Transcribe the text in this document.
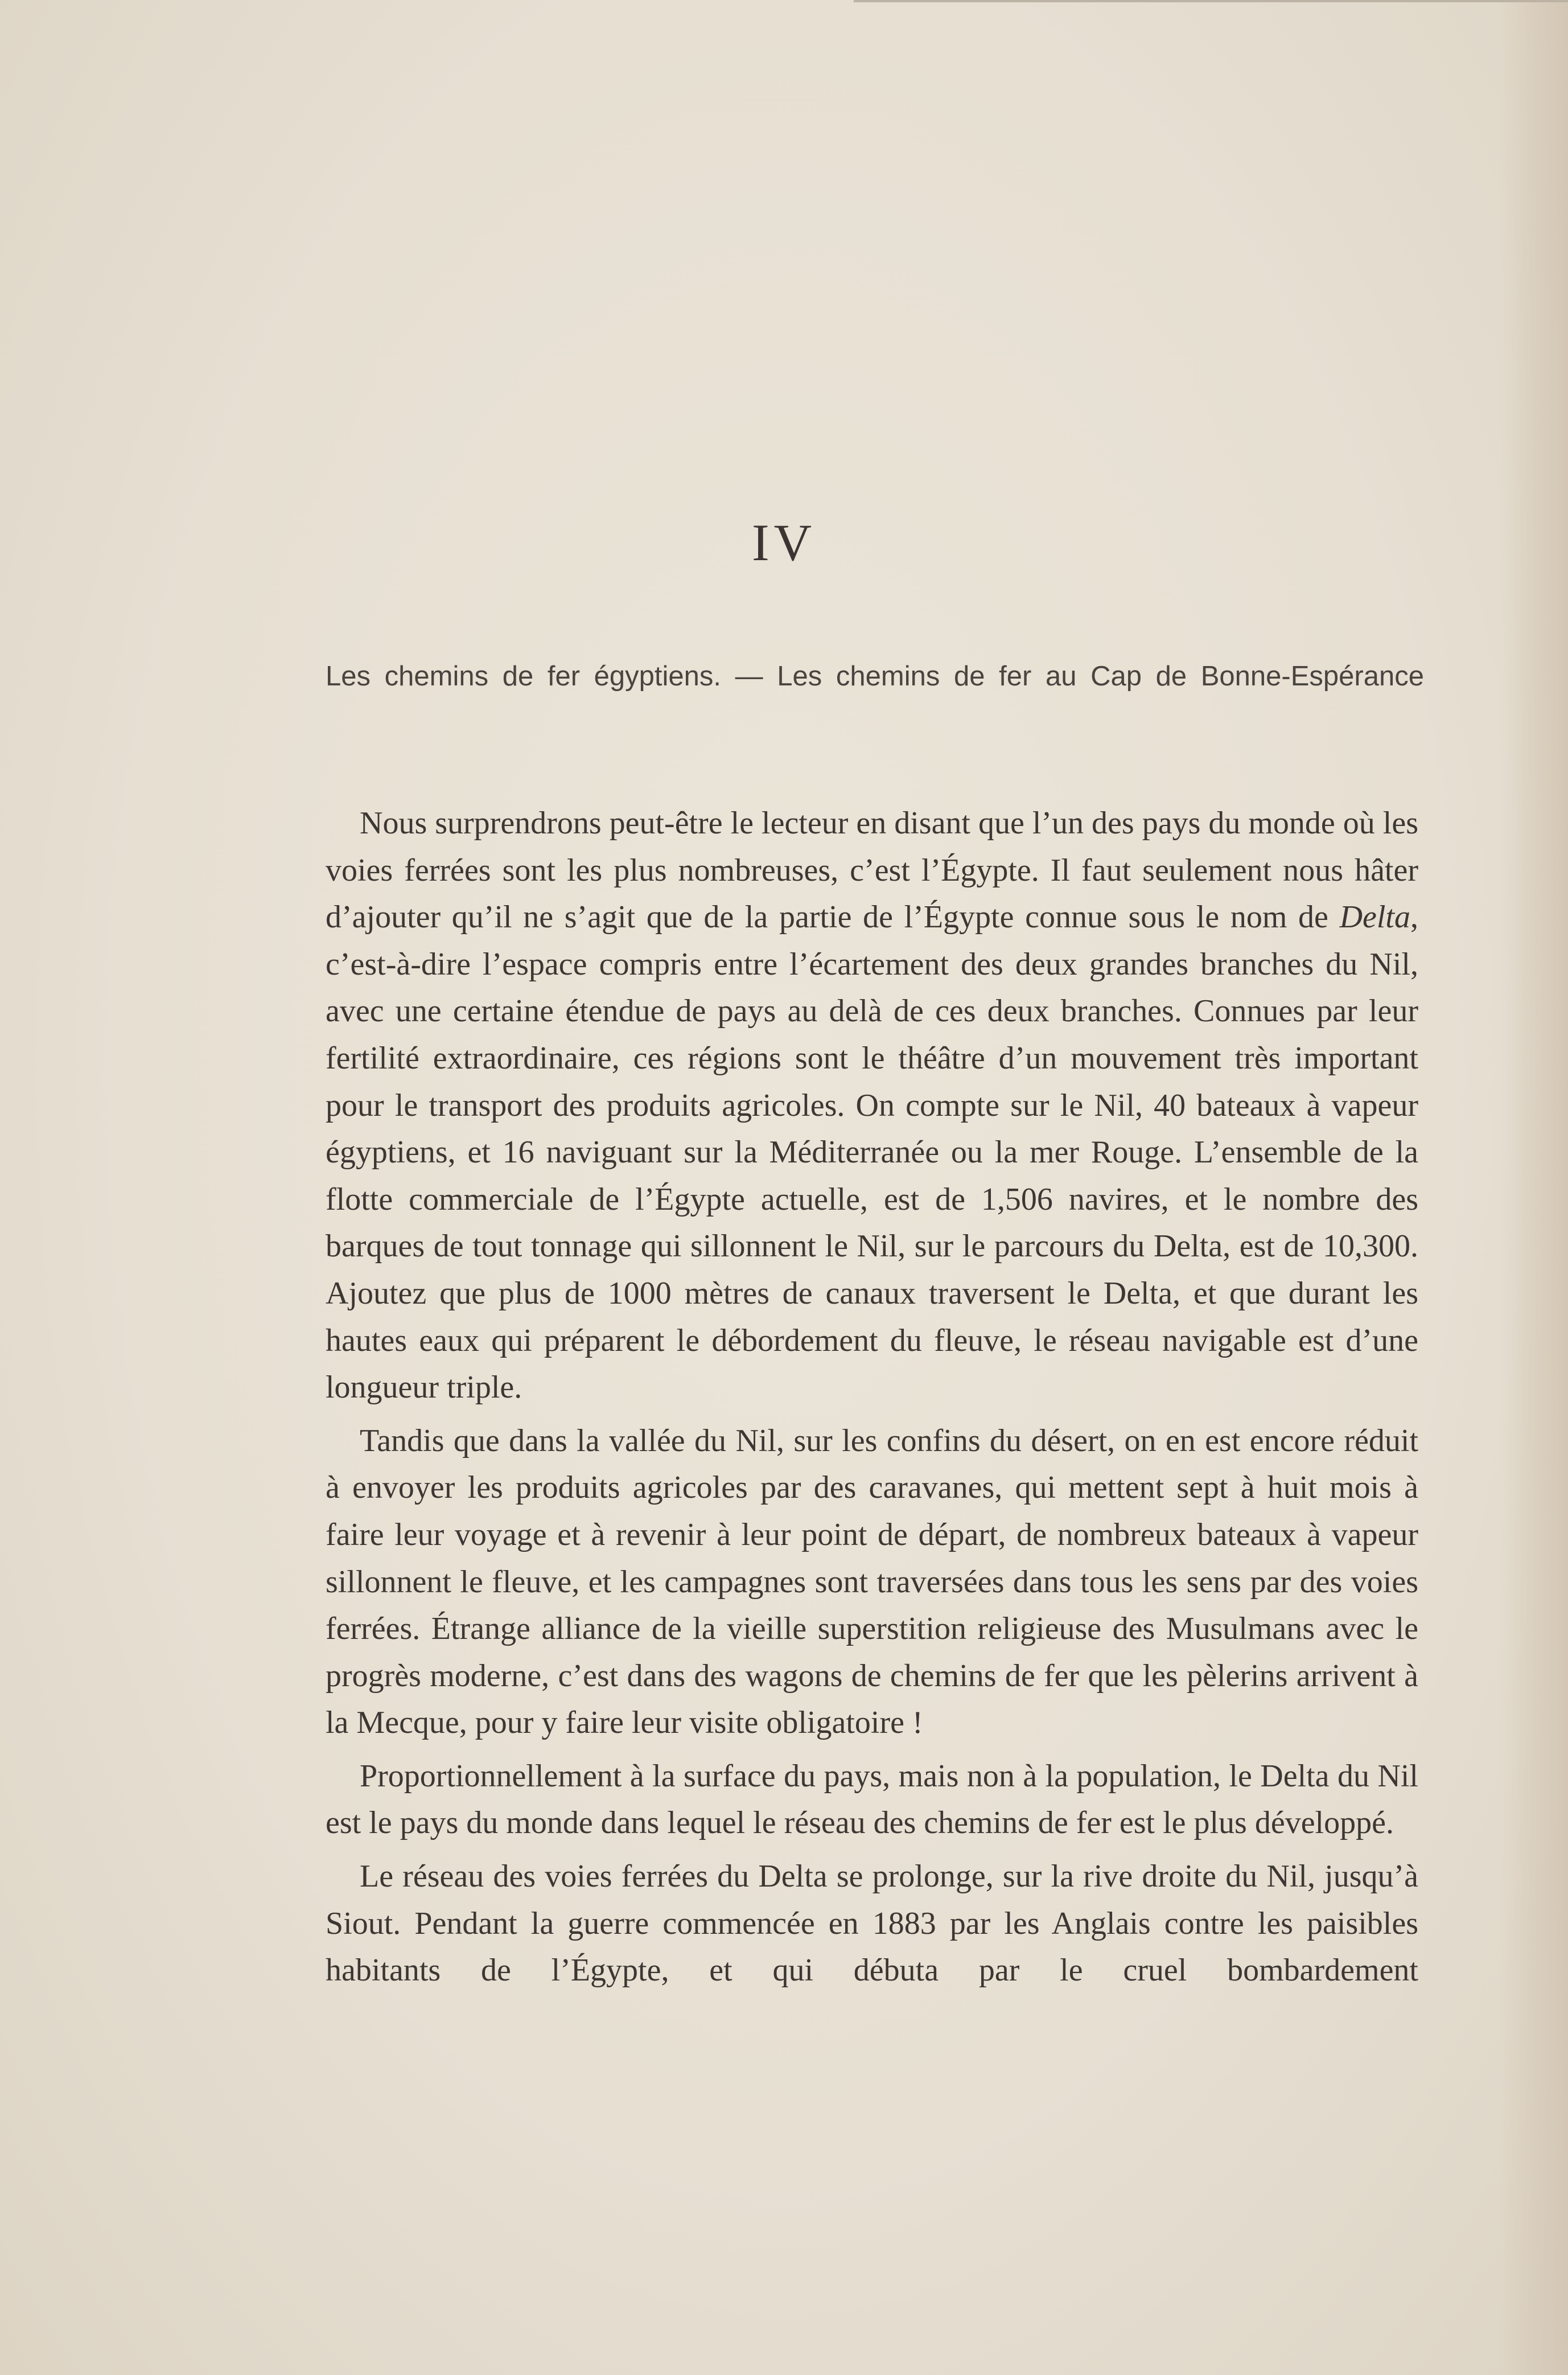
IV
Les chemins de fer égyptiens. — Les chemins de fer au Cap de Bonne-Espérance

Nous surprendrons peut-être le lecteur en disant que l’un des pays du monde où les voies ferrées sont les plus nombreuses, c’est l’Égypte. Il faut seulement nous hâter d’ajouter qu’il ne s’agit que de la partie de l’Égypte connue sous le nom de Delta, c’est-à-dire l’espace compris entre l’écartement des deux grandes branches du Nil, avec une certaine étendue de pays au delà de ces deux branches. Connues par leur fertilité extraordinaire, ces régions sont le théâtre d’un mouvement très important pour le transport des produits agricoles. On compte sur le Nil, 40 bateaux à vapeur égyptiens, et 16 naviguant sur la Méditerranée ou la mer Rouge. L’ensemble de la flotte commerciale de l’Égypte actuelle, est de 1,506 navires, et le nombre des barques de tout tonnage qui sillonnent le Nil, sur le parcours du Delta, est de 10,300. Ajoutez que plus de 1000 mètres de canaux traversent le Delta, et que durant les hautes eaux qui préparent le débordement du fleuve, le réseau navigable est d’une longueur triple.

Tandis que dans la vallée du Nil, sur les confins du désert, on en est encore réduit à envoyer les produits agricoles par des caravanes, qui mettent sept à huit mois à faire leur voyage et à revenir à leur point de départ, de nombreux bateaux à vapeur sillonnent le fleuve, et les campagnes sont traversées dans tous les sens par des voies ferrées. Étrange alliance de la vieille superstition religieuse des Musulmans avec le progrès moderne, c’est dans des wagons de chemins de fer que les pèlerins arrivent à la Mecque, pour y faire leur visite obligatoire !

Proportionnellement à la surface du pays, mais non à la population, le Delta du Nil est le pays du monde dans lequel le réseau des chemins de fer est le plus développé.

Le réseau des voies ferrées du Delta se prolonge, sur la rive droite du Nil, jusqu’à Siout. Pendant la guerre commencée en 1883 par les Anglais contre les paisibles habitants de l’Égypte, et qui débuta par le cruel bombardement
